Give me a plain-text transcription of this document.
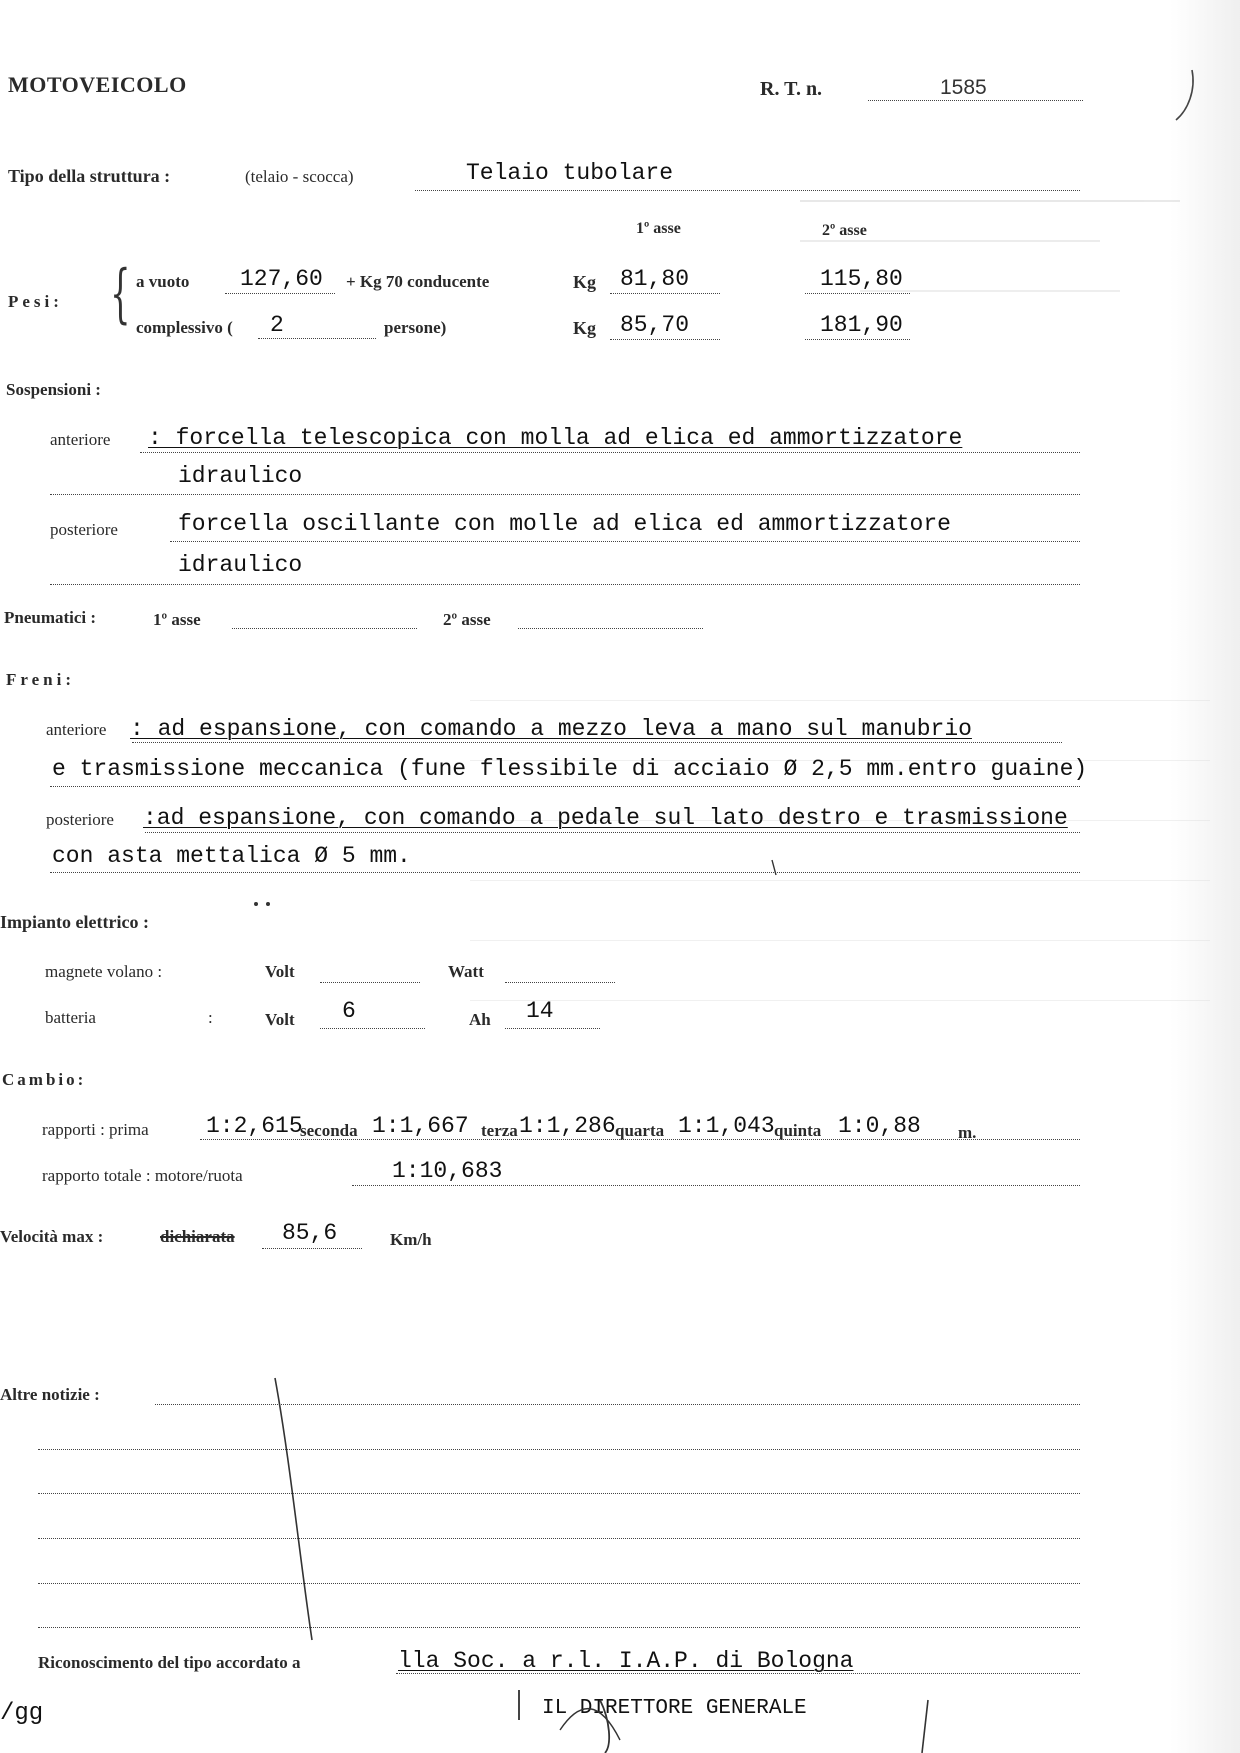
MOTOVEICOLO	R. T. n.	1585
Tipo della struttura :	(telaio - scocca)	Telaio tubolare
1º asse	2º asse
Pesi: { a vuoto 127,60 + Kg 70 conducente	Kg 81,80	115,80
complessivo ( 2	persone)	Kg 85,70	181,90
Sospensioni :
anteriore : forcella telescopica con molla ad elica ed ammortizzatore
idraulico
posteriore	forcella oscillante con molle ad elica ed ammortizzatore
idraulico
Pneumatici :	1º asse	2º asse
Freni:
anteriore : ad espansione, con comando a mezzo leva a mano sul manubrio
e trasmissione meccanica (fune flessibile di acciaio Ø 2,5 mm.entro guaine)
posteriore :ad espansione, con comando a pedale sul lato destro e trasmissione
con asta mettalica Ø 5 mm.
Impianto elettrico :
magnete volano :	Volt	Watt
batteria	:	Volt 6	Ah 14
Cambio:
rapporti : prima 1:2,615
seconda 1:1,667 terza 1:1,286 quarta 1:1,043 quinta 1:0,88 m.
rapporto totale : motore/ruota	1:10,683
Velocità max :	dichiarata 85,6	Km/h
Altre notizie :
Riconoscimento del tipo accordato a	lla Soc. a r.l. I.A.P. di Bologna
/gg	IL DIRETTORE GENERALE
